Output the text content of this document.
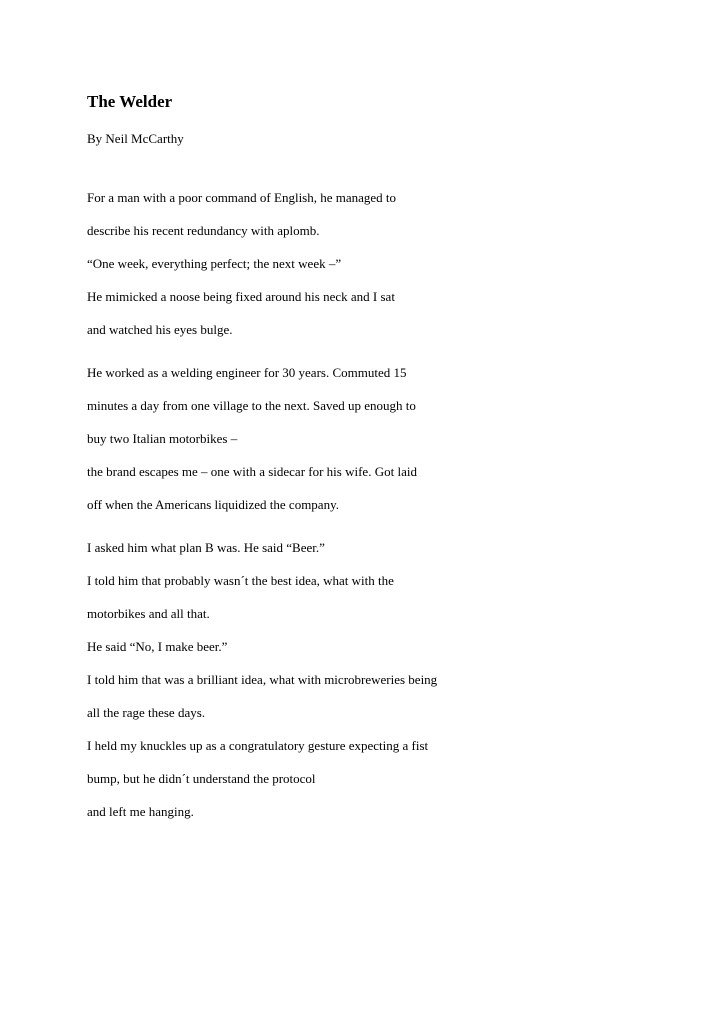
The Welder

By Neil McCarthy

For a man with a poor command of English, he managed to
describe his recent redundancy with aplomb.
“One week, everything perfect; the next week –”
He mimicked a noose being fixed around his neck and I sat
and watched his eyes bulge.
He worked as a welding engineer for 30 years. Commuted 15
minutes a day from one village to the next. Saved up enough to
buy two Italian motorbikes –
the brand escapes me – one with a sidecar for his wife. Got laid
off when the Americans liquidized the company.
I asked him what plan B was. He said “Beer.”
I told him that probably wasn´t the best idea, what with the
motorbikes and all that.
He said “No, I make beer.”
I told him that was a brilliant idea, what with microbreweries being
all the rage these days.
I held my knuckles up as a congratulatory gesture expecting a fist
bump, but he didn´t understand the protocol
and left me hanging.
